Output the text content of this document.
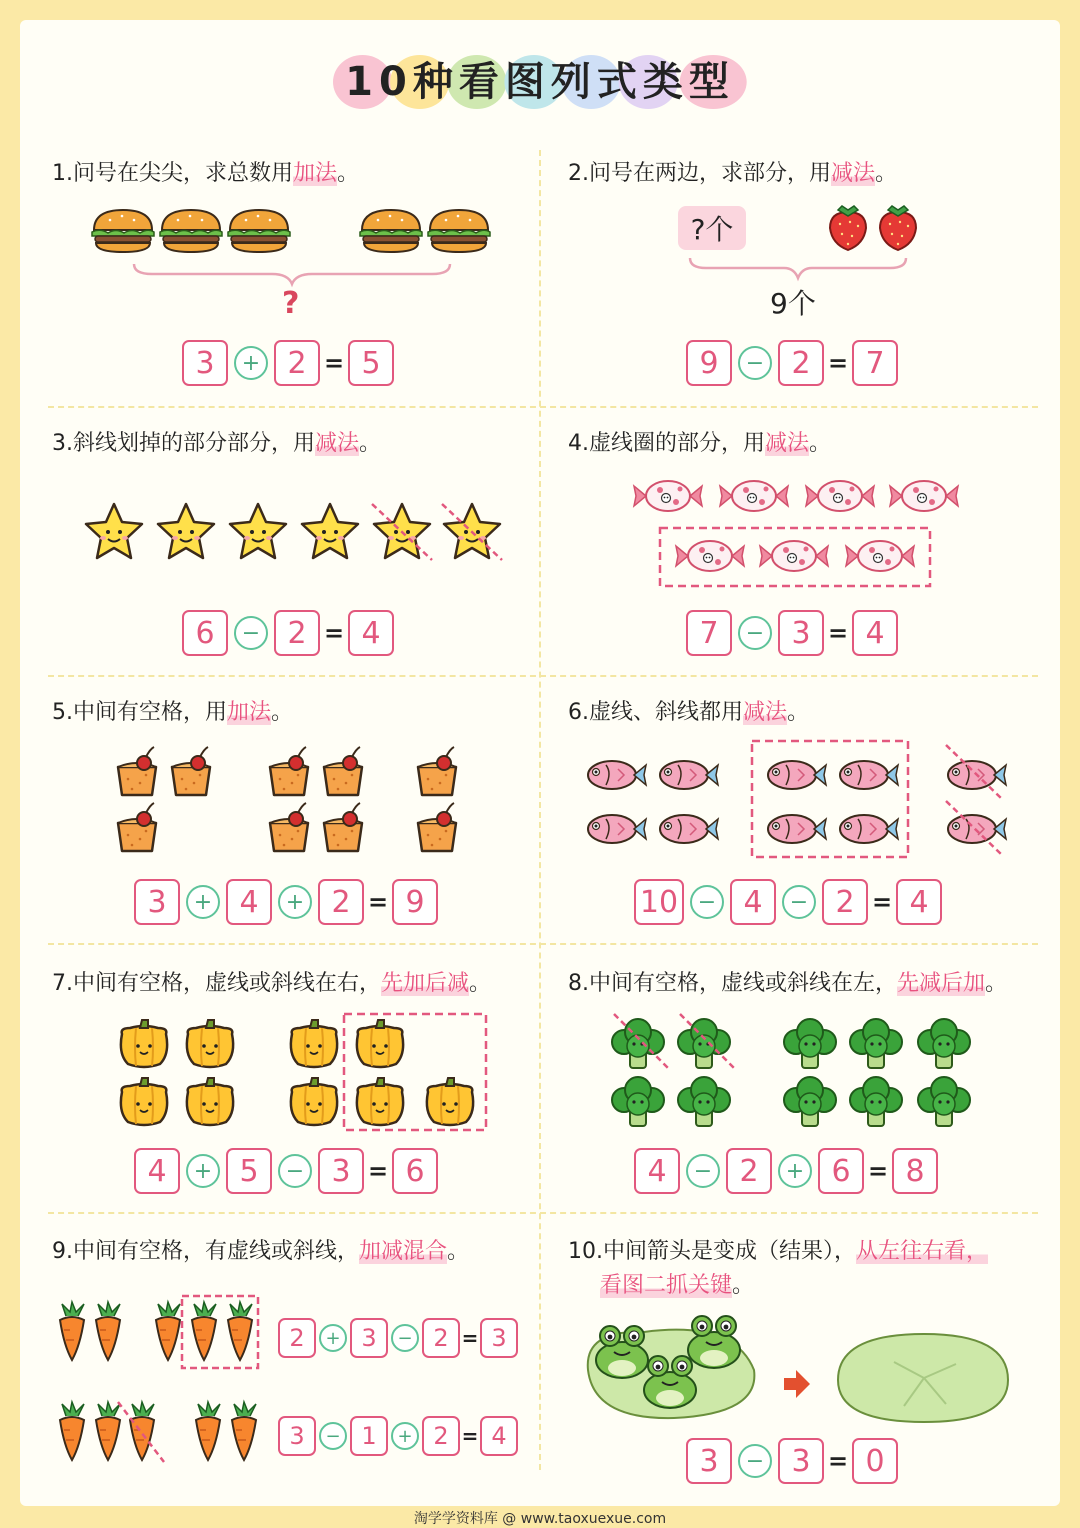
10种看图列式类型
1.问号在尖尖，求总数用加法。
?
3	+ 2 = 5
2.问号在两边，求部分，用减法。
?个
9个
9	− 2 = 7
3.斜线划掉的部分部分，用减法。
6	− 2 = 4
4.虚线圈的部分，用减法。
7	− 3 = 4
5.中间有空格，用加法。
3	+ 4	+ 2 = 9
6.虚线、斜线都用减法。
10 − 4	− 2 = 4
7.中间有空格，虚线或斜线在右，先加后减。
4	+ 5	− 3 = 6
8.中间有空格，虚线或斜线在左，先减后加。
4	− 2	+ 6 = 8
9.中间有空格，有虚线或斜线，加减混合。
2	+ 3	− 2 = 3
3	− 1	+ 2 = 4
10.中间箭头是变成（结果），从左往右看，
看图二抓关键。
3	− 3 = 0
淘学学资料库 @ www.taoxuexue.com
